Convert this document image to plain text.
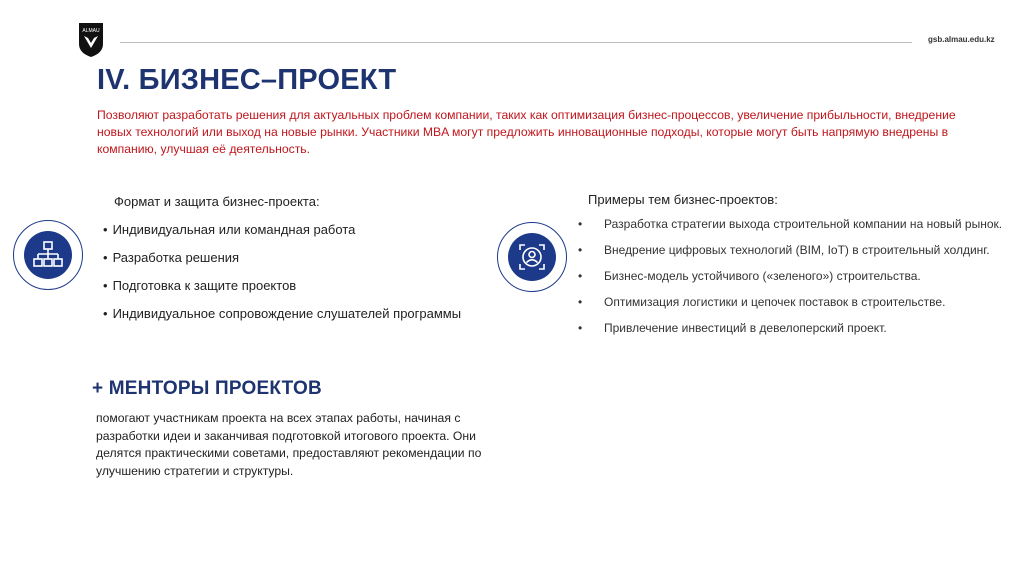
ALMAU
gsb.almau.edu.kz
IV. БИЗНЕС–ПРОЕКТ

Позволяют разработать решения для актуальных проблем компании, таких как оптимизация бизнес-процессов, увеличение прибыльности, внедрение новых технологий или выход на новые рынки. Участники MBA могут предложить инновационные подходы, которые могут быть напрямую внедрены в компанию, улучшая её деятельность.

Формат и защита бизнес-проекта:
• Индивидуальная или командная работа
• Разработка решения
• Подготовка к защите проектов
• Индивидуальное сопровождение слушателей программы
Примеры тем бизнес-проектов:
• Разработка стратегии выхода строительной компании на новый рынок.
• Внедрение цифровых технологий (BIM, IoT) в строительный холдинг.
• Бизнес-модель устойчивого («зеленого») строительства.
• Оптимизация логистики и цепочек поставок в строительстве.
• Привлечение инвестиций в девелоперский проект.
+ МЕНТОРЫ ПРОЕКТОВ

помогают участникам проекта на всех этапах работы, начиная с разработки идеи и заканчивая подготовкой итогового проекта. Они делятся практическими советами, предоставляют рекомендации по улучшению стратегии и структуры.
